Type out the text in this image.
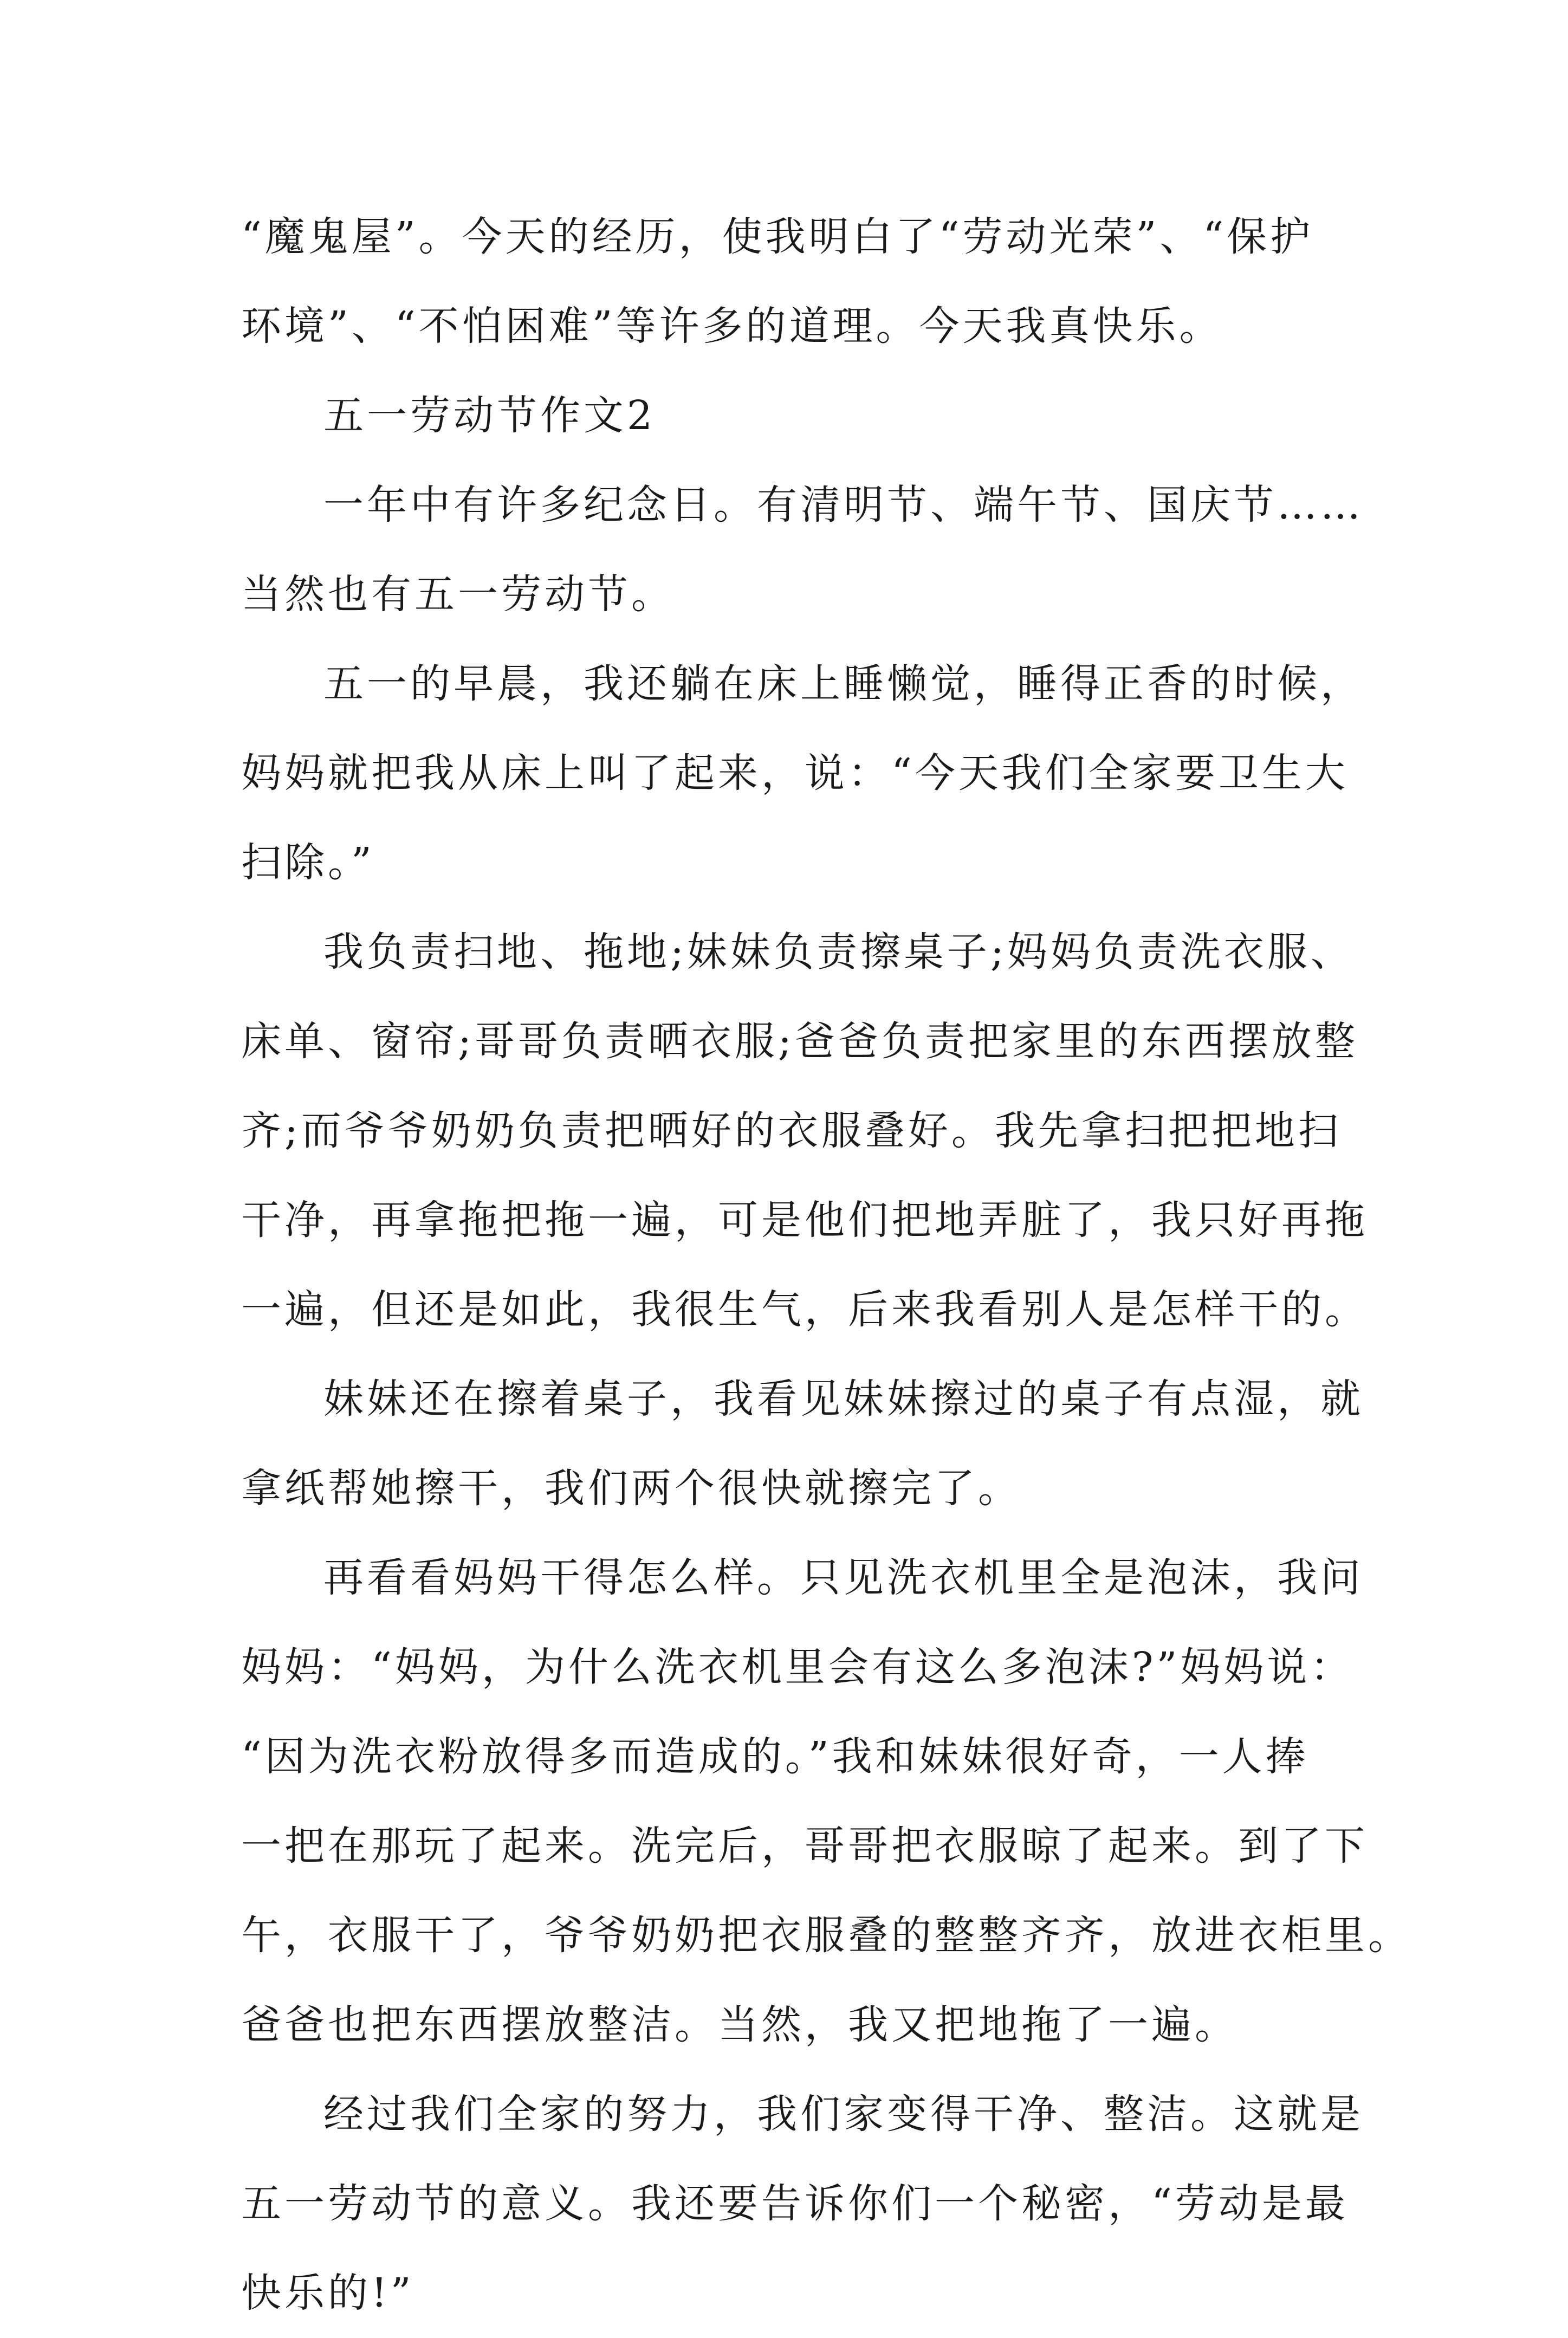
“魔鬼屋”。今天的经历，使我明白了“劳动光荣”、“保护
环境”、“不怕困难”等许多的道理。今天我真快乐。
五一劳动节作文2
一年中有许多纪念日。有清明节、端午节、国庆节……
当然也有五一劳动节。
五一的早晨，我还躺在床上睡懒觉，睡得正香的时候，
妈妈就把我从床上叫了起来，说：“今天我们全家要卫生大
扫除。”
我负责扫地、拖地;妹妹负责擦桌子;妈妈负责洗衣服、
床单、窗帘;哥哥负责晒衣服;爸爸负责把家里的东西摆放整
齐;而爷爷奶奶负责把晒好的衣服叠好。我先拿扫把把地扫
干净，再拿拖把拖一遍，可是他们把地弄脏了，我只好再拖
一遍，但还是如此，我很生气，后来我看别人是怎样干的。
妹妹还在擦着桌子，我看见妹妹擦过的桌子有点湿，就
拿纸帮她擦干，我们两个很快就擦完了。
再看看妈妈干得怎么样。只见洗衣机里全是泡沫，我问
妈妈：“妈妈，为什么洗衣机里会有这么多泡沫?”妈妈说：
“因为洗衣粉放得多而造成的。”我和妹妹很好奇，一人捧
一把在那玩了起来。洗完后，哥哥把衣服晾了起来。到了下
午，衣服干了，爷爷奶奶把衣服叠的整整齐齐，放进衣柜里。
爸爸也把东西摆放整洁。当然，我又把地拖了一遍。
经过我们全家的努力，我们家变得干净、整洁。这就是
五一劳动节的意义。我还要告诉你们一个秘密，“劳动是最
快乐的!”
